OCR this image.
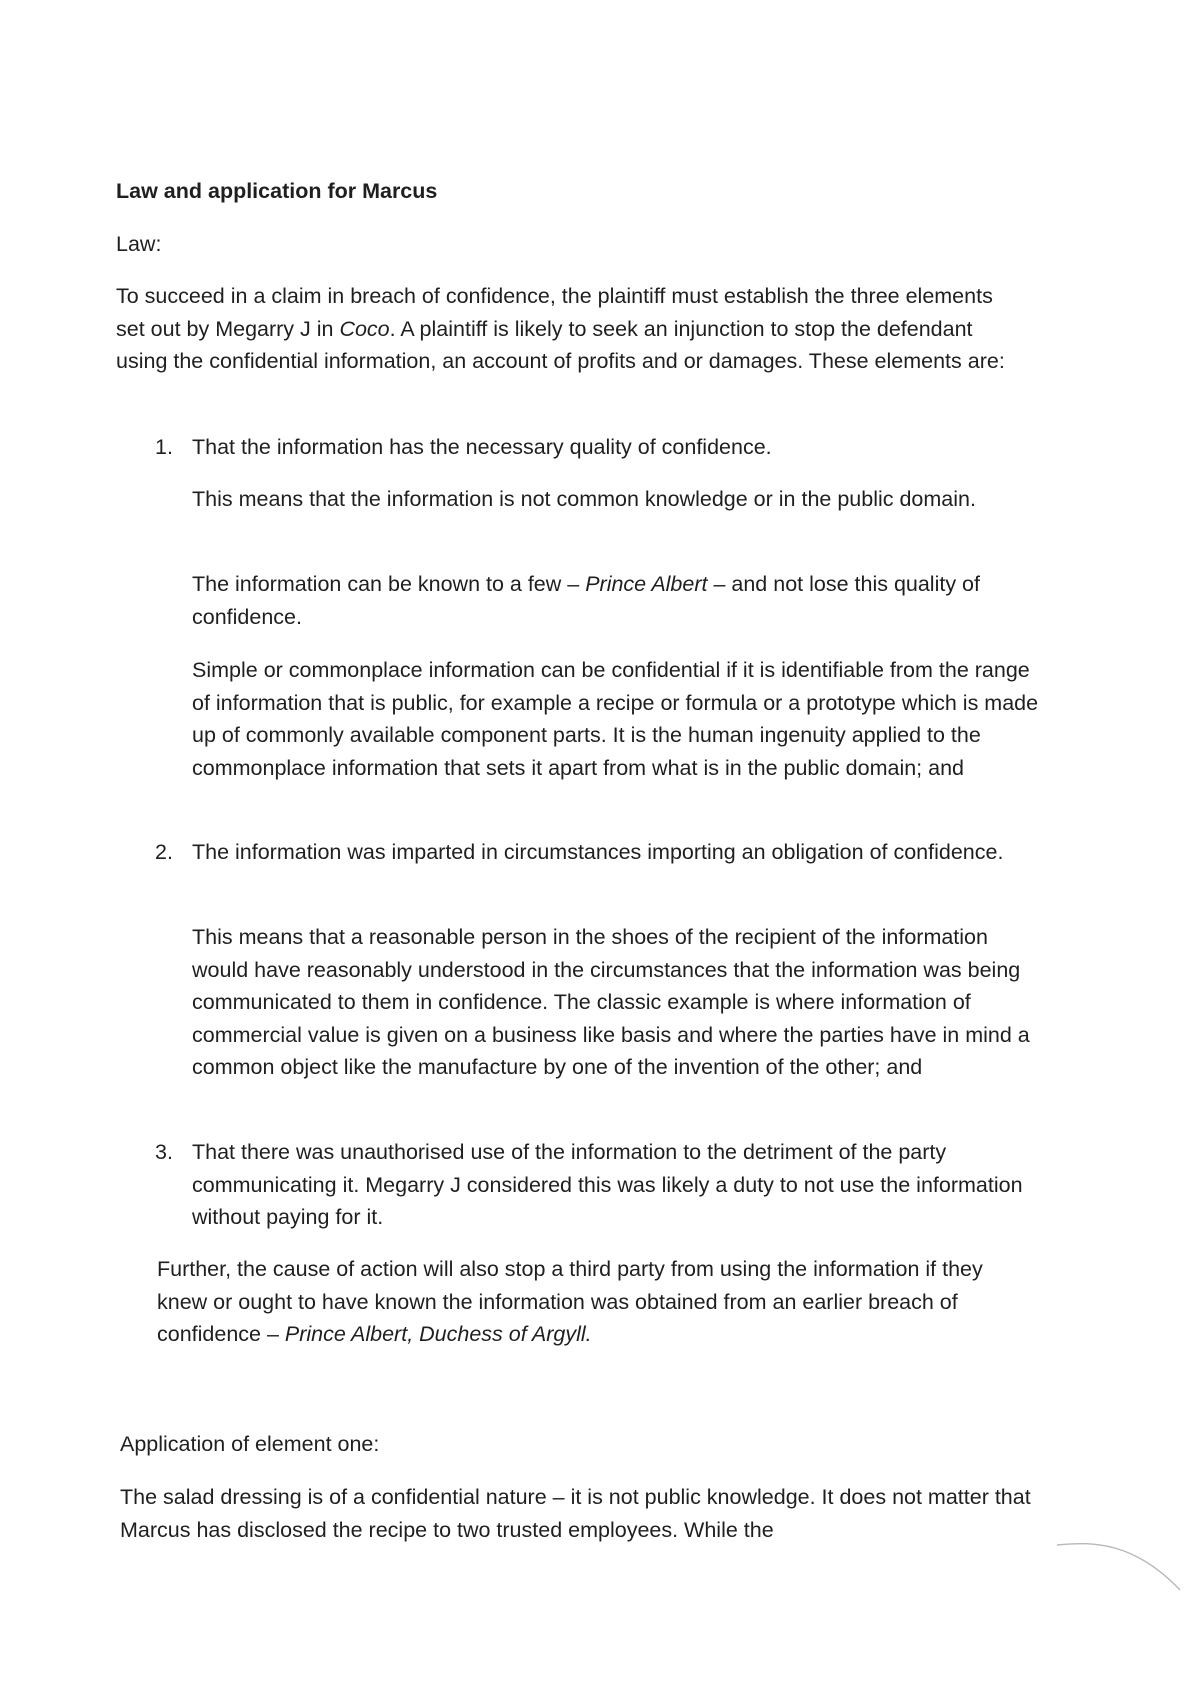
Law and application for Marcus

Law:

To succeed in a claim in breach of confidence, the plaintiff must establish the three elements set out by Megarry J in Coco. A plaintiff is likely to seek an injunction to stop the defendant using the confidential information, an account of profits and or damages. These elements are:

1. That the information has the necessary quality of confidence.

This means that the information is not common knowledge or in the public domain.

The information can be known to a few – Prince Albert – and not lose this quality of confidence.

Simple or commonplace information can be confidential if it is identifiable from the range of information that is public, for example a recipe or formula or a prototype which is made up of commonly available component parts. It is the human ingenuity applied to the commonplace information that sets it apart from what is in the public domain; and

2. The information was imparted in circumstances importing an obligation of confidence.

This means that a reasonable person in the shoes of the recipient of the information would have reasonably understood in the circumstances that the information was being communicated to them in confidence. The classic example is where information of commercial value is given on a business like basis and where the parties have in mind a common object like the manufacture by one of the invention of the other; and

3. That there was unauthorised use of the information to the detriment of the party communicating it. Megarry J considered this was likely a duty to not use the information without paying for it.

Further, the cause of action will also stop a third party from using the information if they knew or ought to have known the information was obtained from an earlier breach of confidence – Prince Albert, Duchess of Argyll.

Application of element one:

The salad dressing is of a confidential nature – it is not public knowledge. It does not matter that Marcus has disclosed the recipe to two trusted employees. While the
